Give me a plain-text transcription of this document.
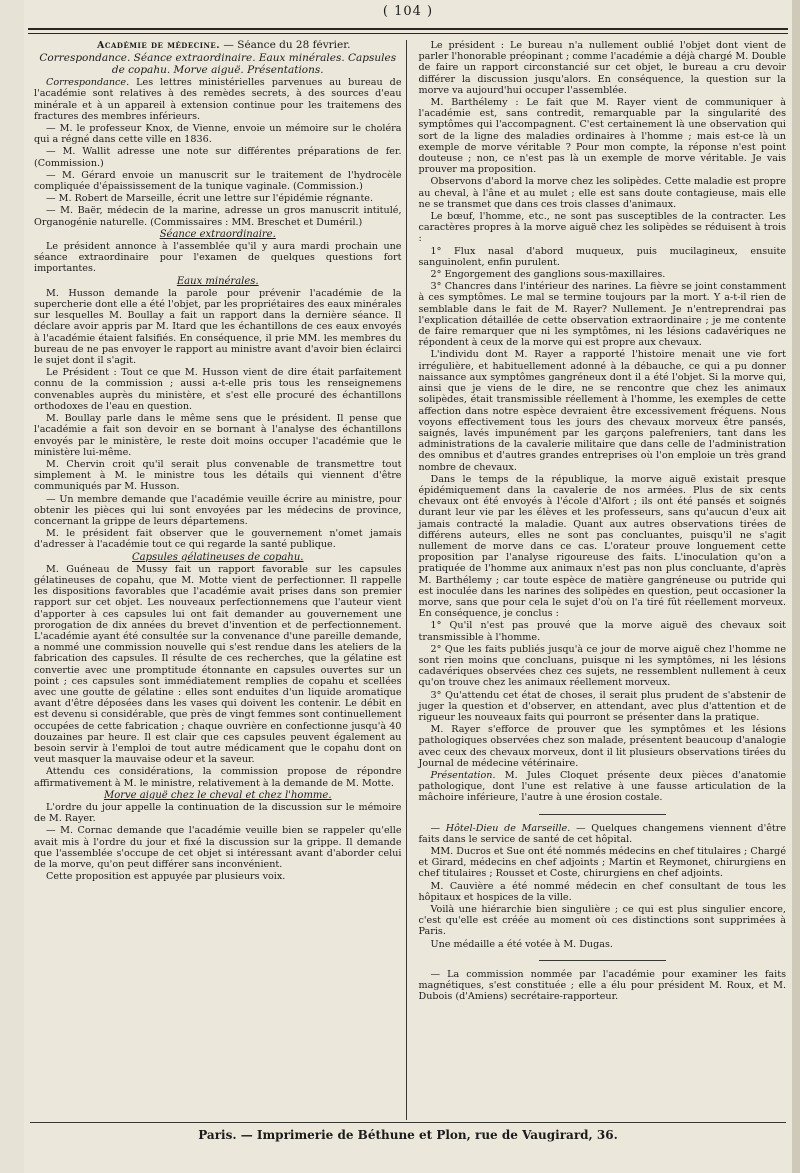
( 104 )

Académie de médecine. — Séance du 28 février.

Correspondance. Séance extraordinaire. Eaux minérales. Capsules de copahu. Morve aiguë. Présentations.

Correspondance. Les lettres ministérielles parvenues au bureau de l'académie sont relatives à des remèdes secrets, à des sources d'eau minérale et à un appareil à extension continue pour les traitemens des fractures des membres inférieurs.

— M. le professeur Knox, de Vienne, envoie un mémoire sur le choléra qui a régné dans cette ville en 1836.

— M. Wallit adresse une note sur différentes préparations de fer. (Commission.)

— M. Gérard envoie un manuscrit sur le traitement de l'hydrocèle compliquée d'épaississement de la tunique vaginale. (Commission.)

— M. Robert de Marseille, écrit une lettre sur l'épidémie régnante.

— M. Baër, médecin de la marine, adresse un gros manuscrit intitulé, Organogénie naturelle. (Commissaires : MM. Breschet et Duméril.)

Séance extraordinaire.

Le président annonce à l'assemblée qu'il y aura mardi prochain une séance extraordinaire pour l'examen de quelques questions fort importantes.

Eaux minérales.

M. Husson demande la parole pour prévenir l'académie de la supercherie dont elle a été l'objet, par les propriétaires des eaux minérales sur lesquelles M. Boullay a fait un rapport dans la dernière séance. Il déclare avoir appris par M. Itard que les échantillons de ces eaux envoyés à l'académie étaient falsifiés. En conséquence, il prie MM. les membres du bureau de ne pas envoyer le rapport au ministre avant d'avoir bien éclairci le sujet dont il s'agit.

Le Président : Tout ce que M. Husson vient de dire était parfaitement connu de la commission ; aussi a-t-elle pris tous les renseignemens convenables auprès du ministère, et s'est elle procuré des échantillons orthodoxes de l'eau en question.

M. Boullay parle dans le même sens que le président. Il pense que l'académie a fait son devoir en se bornant à l'analyse des échantillons envoyés par le ministère, le reste doit moins occuper l'académie que le ministère lui-même.

M. Chervin croit qu'il serait plus convenable de transmettre tout simplement à M. le ministre tous les détails qui viennent d'être communiqués par M. Husson.

— Un membre demande que l'académie veuille écrire au ministre, pour obtenir les pièces qui lui sont envoyées par les médecins de province, concernant la grippe de leurs départemens.

M. le président fait observer que le gouvernement n'omet jamais d'adresser à l'académie tout ce qui regarde la santé publique.

Capsules gélatineuses de copahu.

M. Guéneau de Mussy fait un rapport favorable sur les capsules gélatineuses de copahu, que M. Motte vient de perfectionner. Il rappelle les dispositions favorables que l'académie avait prises dans son premier rapport sur cet objet. Les nouveaux perfectionnemens que l'auteur vient d'apporter à ces capsules lui ont fait demander au gouvernement une prorogation de dix années du brevet d'invention et de perfectionnement. L'académie ayant été consultée sur la convenance d'une pareille demande, a nommé une commission nouvelle qui s'est rendue dans les ateliers de la fabrication des capsules. Il résulte de ces recherches, que la gélatine est convertie avec une promptitude étonnante en capsules ouvertes sur un point ; ces capsules sont immédiatement remplies de copahu et scellées avec une goutte de gélatine : elles sont enduites d'un liquide aromatique avant d'être déposées dans les vases qui doivent les contenir. Le débit en est devenu si considérable, que près de vingt femmes sont continuellement occupées de cette fabrication ; chaque ouvrière en confectionne jusqu'à 40 douzaines par heure. Il est clair que ces capsules peuvent également au besoin servir à l'emploi de tout autre médicament que le copahu dont on veut masquer la mauvaise odeur et la saveur.

Attendu ces considérations, la commission propose de répondre affirmativement à M. le ministre, relativement à la demande de M. Motte.

Morve aiguë chez le cheval et chez l'homme.

L'ordre du jour appelle la continuation de la discussion sur le mémoire de M. Rayer.

— M. Cornac demande que l'académie veuille bien se rappeler qu'elle avait mis à l'ordre du jour et fixé la discussion sur la grippe. Il demande que l'assemblée s'occupe de cet objet si intéressant avant d'aborder celui de la morve, qu'on peut différer sans inconvénient.

Cette proposition est appuyée par plusieurs voix.

Le président : Le bureau n'a nullement oublié l'objet dont vient de parler l'honorable préopinant ; comme l'académie a déjà chargé M. Double de faire un rapport circonstancié sur cet objet, le bureau a cru devoir différer la discussion jusqu'alors. En conséquence, la question sur la morve va aujourd'hui occuper l'assemblée.

M. Barthélemy : Le fait que M. Rayer vient de communiquer à l'académie est, sans contredit, remarquable par la singularité des symptômes qui l'accompagnent. C'est certainement là une observation qui sort de la ligne des maladies ordinaires à l'homme ; mais est-ce là un exemple de morve véritable ? Pour mon compte, la réponse n'est point douteuse ; non, ce n'est pas là un exemple de morve véritable. Je vais prouver ma proposition.

Observons d'abord la morve chez les solipèdes. Cette maladie est propre au cheval, à l'âne et au mulet ; elle est sans doute contagieuse, mais elle ne se transmet que dans ces trois classes d'animaux.

Le bœuf, l'homme, etc., ne sont pas susceptibles de la contracter. Les caractères propres à la morve aiguë chez les solipèdes se réduisent à trois :

1° Flux nasal d'abord muqueux, puis mucilagineux, ensuite sanguinolent, enfin purulent.

2° Engorgement des ganglions sous-maxillaires.

3° Chancres dans l'intérieur des narines. La fièvre se joint constamment à ces symptômes. Le mal se termine toujours par la mort. Y a-t-il rien de semblable dans le fait de M. Rayer? Nullement. Je n'entreprendrai pas l'explication détaillée de cette observation extraordinaire ; je me contente de faire remarquer que ni les symptômes, ni les lésions cadavériques ne répondent à ceux de la morve qui est propre aux chevaux.

L'individu dont M. Rayer a rapporté l'histoire menait une vie fort irrégulière, et habituellement adonné à la débauche, ce qui a pu donner naissance aux symptômes gangréneux dont il a été l'objet. Si la morve qui, ainsi que je viens de le dire, ne se rencontre que chez les animaux solipèdes, était transmissible réellement à l'homme, les exemples de cette affection dans notre espèce devraient être excessivement fréquens. Nous voyons effectivement tous les jours des chevaux morveux être pansés, saignés, lavés impunément par les garçons palefreniers, tant dans les administrations de la cavalerie militaire que dans celle de l'administration des omnibus et d'autres grandes entreprises où l'on emploie un très grand nombre de chevaux.

Dans le temps de la république, la morve aiguë existait presque épidémiquement dans la cavalerie de nos armées. Plus de six cents chevaux ont été envoyés à l'école d'Alfort ; ils ont été pansés et soignés durant leur vie par les élèves et les professeurs, sans qu'aucun d'eux ait jamais contracté la maladie. Quant aux autres observations tirées de différens auteurs, elles ne sont pas concluantes, puisqu'il ne s'agit nullement de morve dans ce cas. L'orateur prouve longuement cette proposition par l'analyse rigoureuse des faits. L'inoculation qu'on a pratiquée de l'homme aux animaux n'est pas non plus concluante, d'après M. Barthélemy ; car toute espèce de matière gangréneuse ou putride qui est inoculée dans les narines des solipèdes en question, peut occasioner la morve, sans que pour cela le sujet d'où on l'a tiré fût réellement morveux. En conséquence, je conclus :

1° Qu'il n'est pas prouvé que la morve aiguë des chevaux soit transmissible à l'homme.

2° Que les faits publiés jusqu'à ce jour de morve aiguë chez l'homme ne sont rien moins que concluans, puisque ni les symptômes, ni les lésions cadavériques observées chez ces sujets, ne ressemblent nullement à ceux qu'on trouve chez les animaux réellement morveux.

3° Qu'attendu cet état de choses, il serait plus prudent de s'abstenir de juger la question et d'observer, en attendant, avec plus d'attention et de rigueur les nouveaux faits qui pourront se présenter dans la pratique.

M. Rayer s'efforce de prouver que les symptômes et les lésions pathologiques observées chez son malade, présentent beaucoup d'analogie avec ceux des chevaux morveux, dont il lit plusieurs observations tirées du Journal de médecine vétérinaire.

Présentation. M. Jules Cloquet présente deux pièces d'anatomie pathologique, dont l'une est relative à une fausse articulation de la mâchoire inférieure, l'autre à une érosion costale.

— Hôtel-Dieu de Marseille. — Quelques changemens viennent d'être faits dans le service de santé de cet hôpital.

MM. Ducros et Sue ont été nommés médecins en chef titulaires ; Chargé et Girard, médecins en chef adjoints ; Martin et Reymonet, chirurgiens en chef titulaires ; Rousset et Coste, chirurgiens en chef adjoints.

M. Cauvière a été nommé médecin en chef consultant de tous les hôpitaux et hospices de la ville.

Voilà une hiérarchie bien singulière ; ce qui est plus singulier encore, c'est qu'elle est créée au moment où ces distinctions sont supprimées à Paris.

Une médaille a été votée à M. Dugas.

— La commission nommée par l'académie pour examiner les faits magnétiques, s'est constituée ; elle a élu pour président M. Roux, et M. Dubois (d'Amiens) secrétaire-rapporteur.

Paris. — Imprimerie de Béthune et Plon, rue de Vaugirard, 36.
